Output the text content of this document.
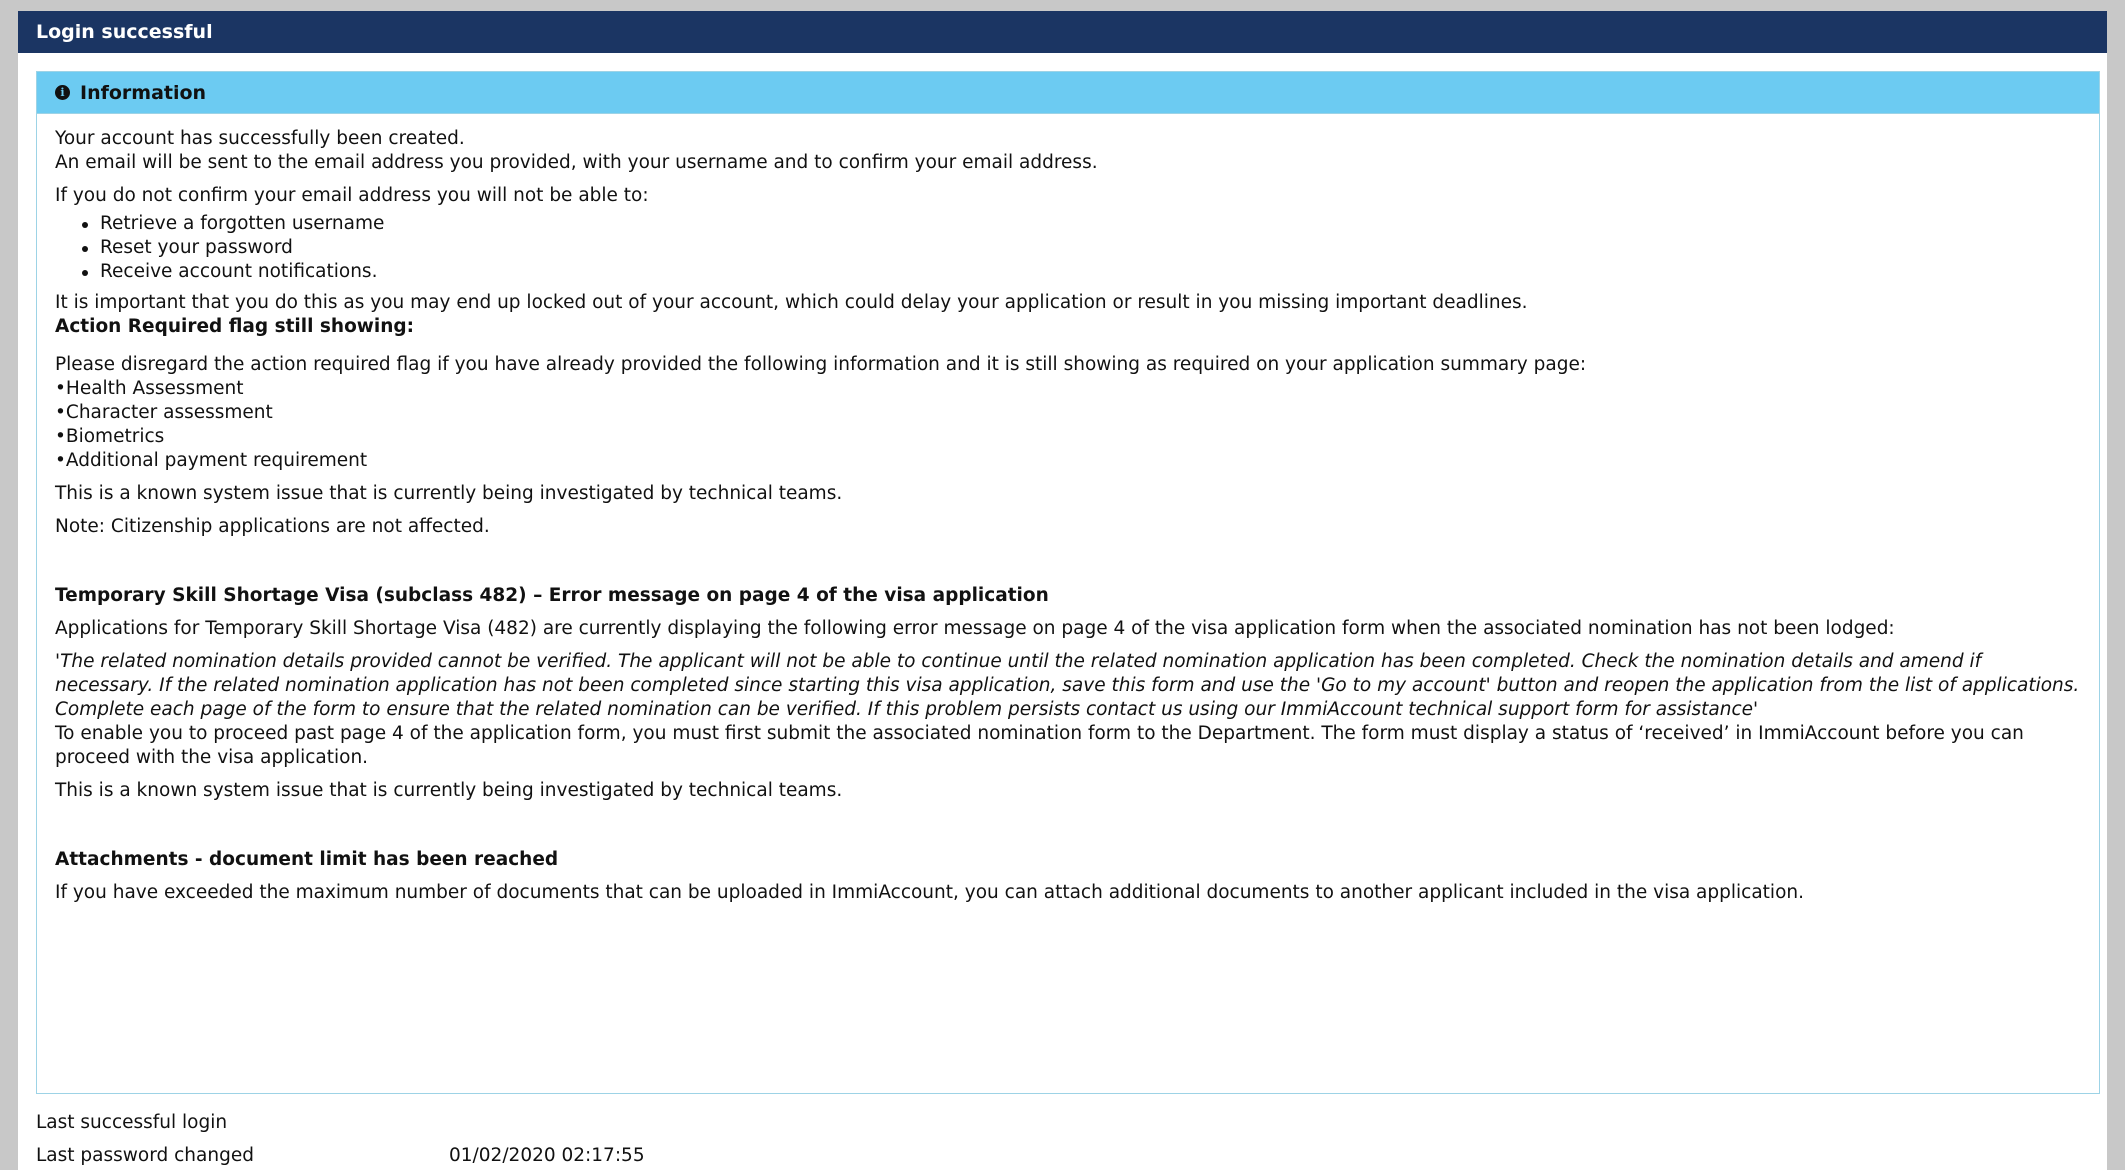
Login successful
i Information

Your account has successfully been created.

An email will be sent to the email address you provided, with your username and to confirm your email address.

If you do not confirm your email address you will not be able to:

Retrieve a forgotten username
Reset your password
Receive account notifications.

It is important that you do this as you may end up locked out of your account, which could delay your application or result in you missing important deadlines.

Action Required flag still showing:
Please disregard the action required flag if you have already provided the following information and it is still showing as required on your application summary page:
•Health Assessment
•Character assessment
•Biometrics
•Additional payment requirement

This is a known system issue that is currently being investigated by technical teams.

Note: Citizenship applications are not affected.

Temporary Skill Shortage Visa (subclass 482) – Error message on page 4 of the visa application

Applications for Temporary Skill Shortage Visa (482) are currently displaying the following error message on page 4 of the visa application form when the associated nomination has not been lodged:

'The related nomination details provided cannot be verified. The applicant will not be able to continue until the related nomination application has been completed. Check the nomination details and amend if necessary. If the related nomination application has not been completed since starting this visa application, save this form and use the 'Go to my account' button and reopen the application from the list of applications. Complete each page of the form to ensure that the related nomination can be verified. If this problem persists contact us using our ImmiAccount technical support form for assistance'

To enable you to proceed past page 4 of the application form, you must first submit the associated nomination form to the Department. The form must display a status of ‘received’ in ImmiAccount before you can proceed with the visa application.

This is a known system issue that is currently being investigated by technical teams.

Attachments - document limit has been reached

If you have exceeded the maximum number of documents that can be uploaded in ImmiAccount, you can attach additional documents to another applicant included in the visa application.

Last successful login
Last password changed	01/02/2020 02:17:55
